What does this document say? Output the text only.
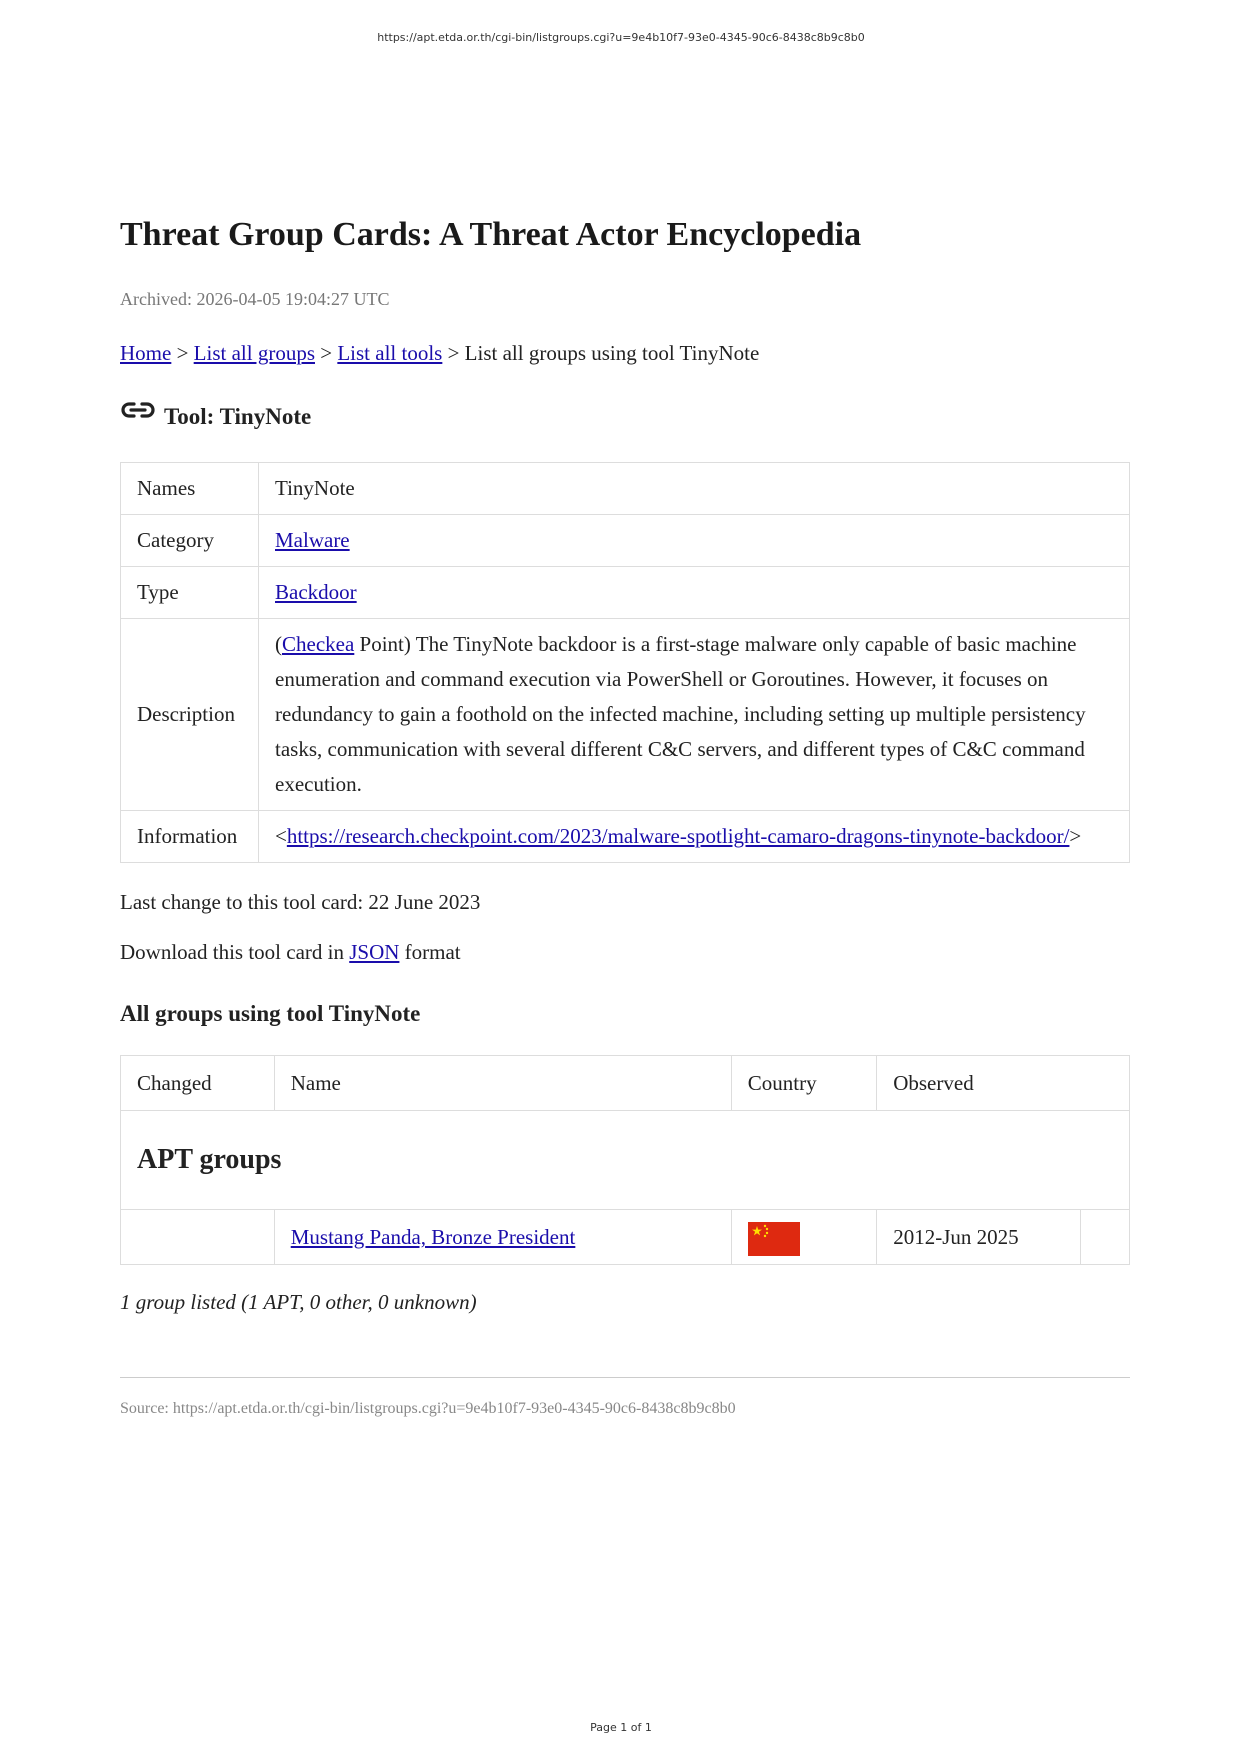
https://apt.etda.or.th/cgi-bin/listgroups.cgi?u=9e4b10f7-93e0-4345-90c6-8438c8b9c8b0
Threat Group Cards: A Threat Actor Encyclopedia

Archived: 2026-04-05 19:04:27 UTC

Home > List all groups > List all tools > List all groups using tool TinyNote

Tool: TinyNote
Names	TinyNote
Category	Malware
Type	Backdoor
Description	(Checkea Point) The TinyNote backdoor is a first-stage malware only capable of basic machine enumeration and command execution via PowerShell or Goroutines. However, it focuses on redundancy to gain a foothold on the infected machine, including setting up multiple persistency tasks, communication with several different C&C servers, and different types of C&C command execution.
Information	<https://research.checkpoint.com/2023/malware-spotlight-camaro-dragons-tinynote-backdoor/>

Last change to this tool card: 22 June 2023

Download this tool card in JSON format

All groups using tool TinyNote
Changed	Name	Country	Observed	
APT groups				
	Mustang Panda, Bronze President		2012-Jun 2025	

1 group listed (1 APT, 0 other, 0 unknown)

Source: https://apt.etda.or.th/cgi-bin/listgroups.cgi?u=9e4b10f7-93e0-4345-90c6-8438c8b9c8b0

Page 1 of 1
